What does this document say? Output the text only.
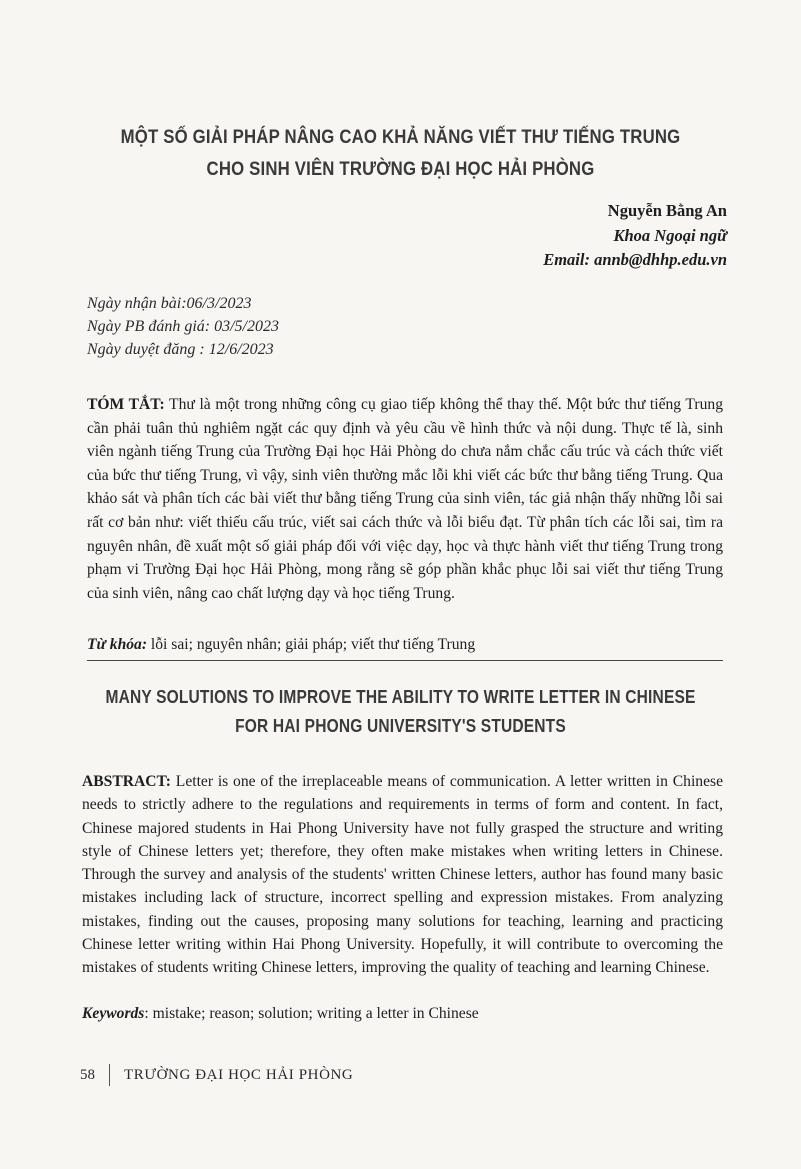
MỘT SỐ GIẢI PHÁP NÂNG CAO KHẢ NĂNG VIẾT THƯ TIẾNG TRUNG
CHO SINH VIÊN TRƯỜNG ĐẠI HỌC HẢI PHÒNG
Nguyễn Bằng An
Khoa Ngoại ngữ
Email: annb@dhhp.edu.vn
Ngày nhận bài:06/3/2023
Ngày PB đánh giá: 03/5/2023
Ngày duyệt đăng : 12/6/2023
TÓM TẮT: Thư là một trong những công cụ giao tiếp không thể thay thế. Một bức thư tiếng Trung cần phải tuân thủ nghiêm ngặt các quy định và yêu cầu về hình thức và nội dung. Thực tế là, sinh viên ngành tiếng Trung của Trường Đại học Hải Phòng do chưa nắm chắc cấu trúc và cách thức viết của bức thư tiếng Trung, vì vậy, sinh viên thường mắc lỗi khi viết các bức thư bằng tiếng Trung. Qua khảo sát và phân tích các bài viết thư bằng tiếng Trung của sinh viên, tác giả nhận thấy những lỗi sai rất cơ bản như: viết thiếu cấu trúc, viết sai cách thức và lỗi biểu đạt. Từ phân tích các lỗi sai, tìm ra nguyên nhân, đề xuất một số giải pháp đối với việc dạy, học và thực hành viết thư tiếng Trung trong phạm vi Trường Đại học Hải Phòng, mong rằng sẽ góp phần khắc phục lỗi sai viết thư tiếng Trung của sinh viên, nâng cao chất lượng dạy và học tiếng Trung.
Từ khóa: lỗi sai; nguyên nhân; giải pháp; viết thư tiếng Trung
MANY SOLUTIONS TO IMPROVE THE ABILITY TO WRITE LETTER IN CHINESE
FOR HAI PHONG UNIVERSITY'S STUDENTS
ABSTRACT: Letter is one of the irreplaceable means of communication. A letter written in Chinese needs to strictly adhere to the regulations and requirements in terms of form and content. In fact, Chinese majored students in Hai Phong University have not fully grasped the structure and writing style of Chinese letters yet; therefore, they often make mistakes when writing letters in Chinese. Through the survey and analysis of the students' written Chinese letters, author has found many basic mistakes including lack of structure, incorrect spelling and expression mistakes. From analyzing mistakes, finding out the causes, proposing many solutions for teaching, learning and practicing Chinese letter writing within Hai Phong University. Hopefully, it will contribute to overcoming the mistakes of students writing Chinese letters, improving the quality of teaching and learning Chinese.
Keywords: mistake; reason; solution; writing a letter in Chinese
58 TRƯỜNG ĐẠI HỌC HẢI PHÒNG
